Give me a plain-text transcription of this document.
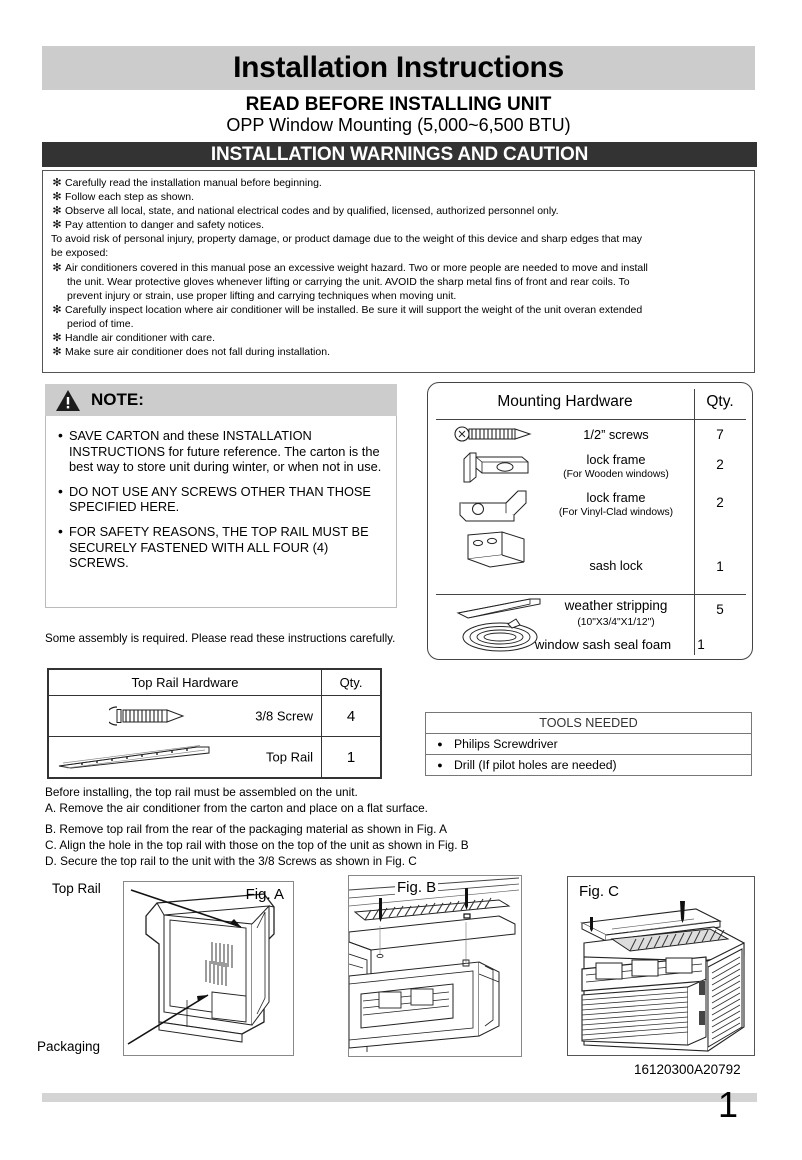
Installation Instructions
READ BEFORE INSTALLING UNIT
OPP Window Mounting (5,000~6,500 BTU)
INSTALLATION WARNINGS AND CAUTION
✻ Carefully read the installation manual before beginning.
✻ Follow each step as shown.
✻ Observe all local, state, and national electrical codes and by qualified, licensed, authorized personnel only.
✻ Pay attention to danger and safety notices.
To avoid risk of personal injury, property damage, or product damage due to the weight of this device and sharp edges that may
be exposed:
✻ Air conditioners covered in this manual pose an excessive weight hazard. Two or more people are needed to move and install
the unit. Wear protective gloves whenever lifting or carrying the unit. AVOID the sharp metal fins of front and rear coils. To
prevent injury or strain, use proper lifting and carrying techniques when moving unit.
✻ Carefully inspect location where air conditioner will be installed. Be sure it will support the weight of the unit overan extended
period of time.
✻ Handle air conditioner with care.
✻ Make sure air conditioner does not fall during installation.
NOTE:
• SAVE CARTON and these INSTALLATION INSTRUCTIONS for future reference. The carton is the best way to store unit during winter, or when not in use.
• DO NOT USE ANY SCREWS OTHER THAN THOSE SPECIFIED HERE.
• FOR SAFETY REASONS, THE TOP RAIL MUST BE SECURELY FASTENED WITH ALL FOUR (4) SCREWS.
Some assembly is required. Please read these instructions carefully.
Top Rail Hardware	Qty.

3/8 Screw	4

Top Rail	1
Mounting Hardware	Qty.
1/2” screws	7
lock frame
(For Wooden windows)
2
lock frame
(For Vinyl-Clad windows)
2
sash lock	1
weather stripping
(10"X3/4"X1/12")
5
window sash seal foam	1
TOOLS NEEDED
● Philips Screwdriver
● Drill (If pilot holes are needed)
Before installing, the top rail must be assembled on the unit.
A. Remove the air conditioner from the carton and place on a flat surface.
B. Remove top rail from the rear of the packaging material as shown in Fig. A
C. Align the hole in the top rail with those on the top of the unit as shown in Fig. B
D. Secure the top rail to the unit with the 3/8 Screws as shown in Fig. C
Fig. A
Top Rail
Packaging
Fig. B	Fig. C
16120300A20792
1
